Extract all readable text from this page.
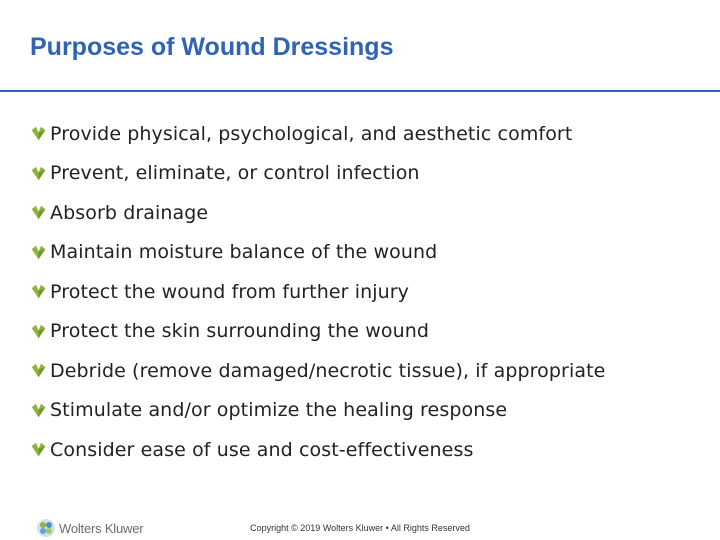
Purposes of Wound Dressings
Provide physical, psychological, and aesthetic comfort
Prevent, eliminate, or control infection
Absorb drainage
Maintain moisture balance of the wound
Protect the wound from further injury
Protect the skin surrounding the wound
Debride (remove damaged/necrotic tissue), if appropriate
Stimulate and/or optimize the healing response
Consider ease of use and cost-effectiveness
Wolters Kluwer	Copyright © 2019 Wolters Kluwer • All Rights Reserved
